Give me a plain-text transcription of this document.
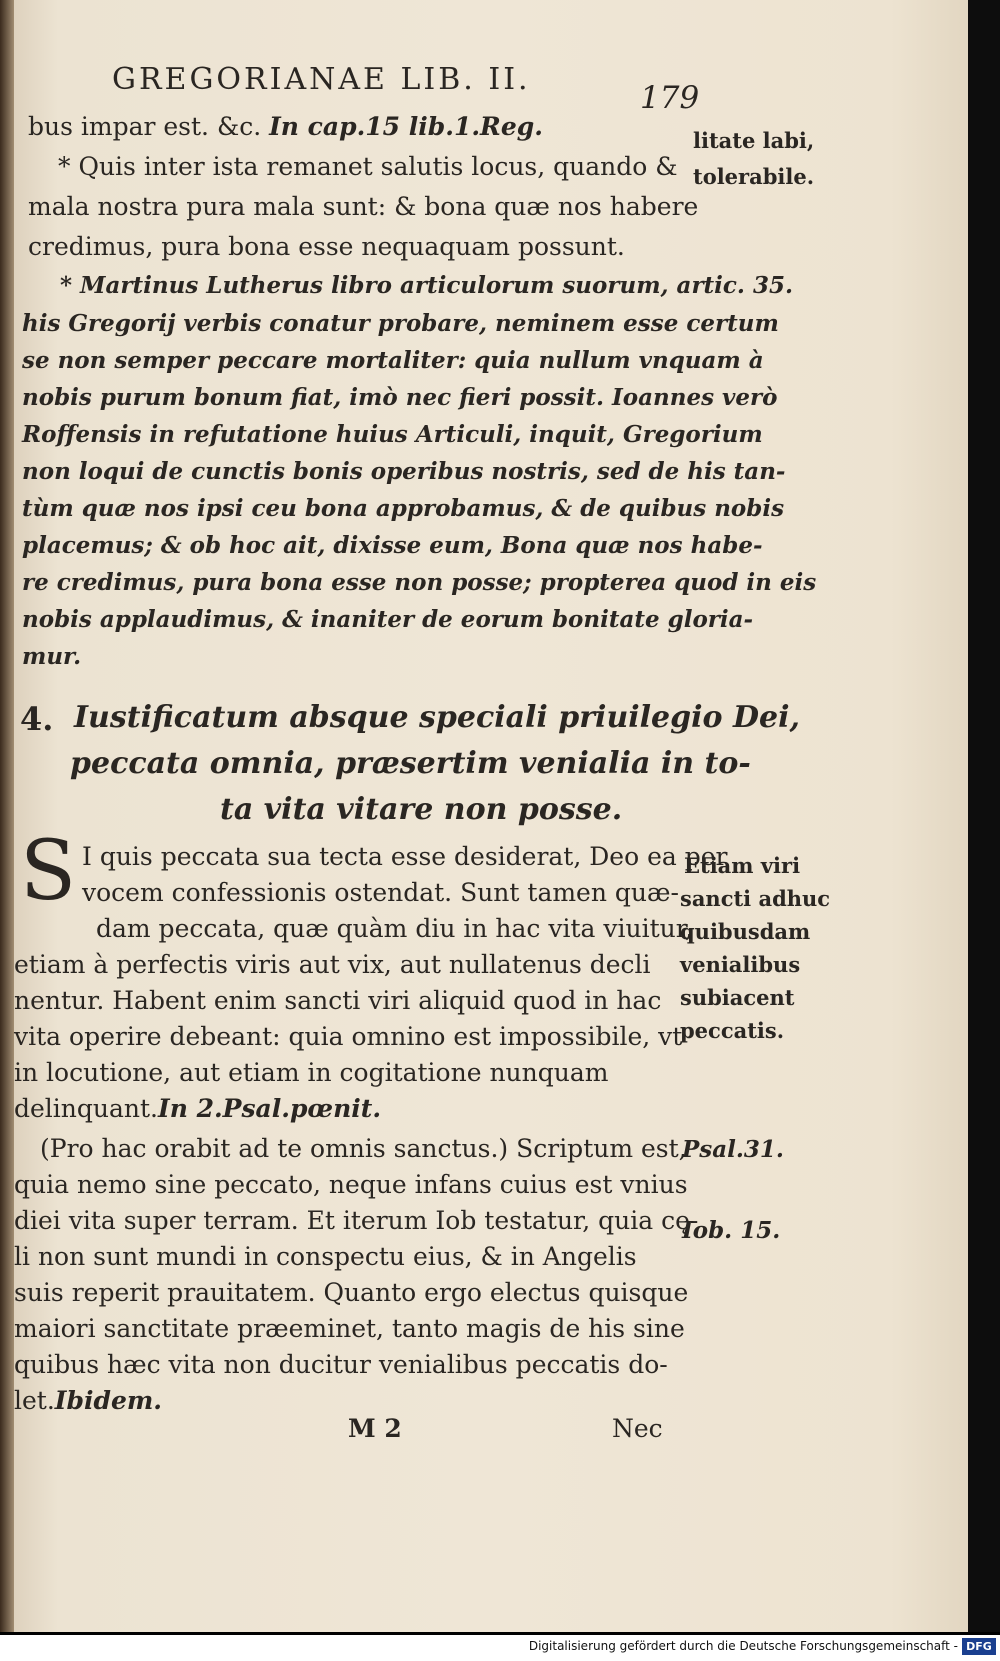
GREGORIANAE LIB. II.
179
bus impar est. &c. In cap.15 lib.1.Reg.
* Quis inter ista remanet salutis locus, quando &
mala nostra pura mala sunt: & bona quæ nos habere
credimus, pura bona esse nequaquam possunt.
* Martinus Lutherus libro articulorum suorum, artic. 35.
his Gregorij verbis conatur probare, neminem esse certum
se non semper peccare mortaliter: quia nullum vnquam à
nobis purum bonum fiat, imò nec fieri possit. Ioannes verò
Roffensis in refutatione huius Articuli, inquit, Gregorium
non loqui de cunctis bonis operibus nostris, sed de his tan-
tùm quæ nos ipsi ceu bona approbamus, & de quibus nobis
placemus; & ob hoc ait, dixisse eum, Bona quæ nos habe-
re credimus, pura bona esse non posse; propterea quod in eis
nobis applaudimus, & inaniter de eorum bonitate gloria-
mur.
4. Iustificatum absque speciali priuilegio Dei,
peccata omnia, præsertim venialia in to-
ta vita vitare non posse.
S I quis peccata sua tecta esse desiderat, Deo ea per
vocem confessionis ostendat. Sunt tamen quæ-
dam peccata, quæ quàm diu in hac vita viuitur,
etiam à perfectis viris aut vix, aut nullatenus decli
nentur. Habent enim sancti viri aliquid quod in hac
vita operire debeant: quia omnino est impossibile, vt
in locutione, aut etiam in cogitatione nunquam
delinquant.In 2.Psal.pœnit.
(Pro hac orabit ad te omnis sanctus.) Scriptum est,
quia nemo sine peccato, neque infans cuius est vnius
diei vita super terram. Et iterum Iob testatur, quia cę-
li non sunt mundi in conspectu eius, & in Angelis
suis reperit prauitatem. Quanto ergo electus quisque
maiori sanctitate præeminet, tanto magis de his sine
quibus hæc vita non ducitur venialibus peccatis do-
let.Ibidem.
litate labi,
tolerabile.
Etiam viri
sancti adhuc
quibusdam
venialibus
subiacent
peccatis.
Psal.31.
Iob. 15.
M 2	Nec
Digitalisierung gefördert durch die Deutsche Forschungsgemeinschaft - DFG
